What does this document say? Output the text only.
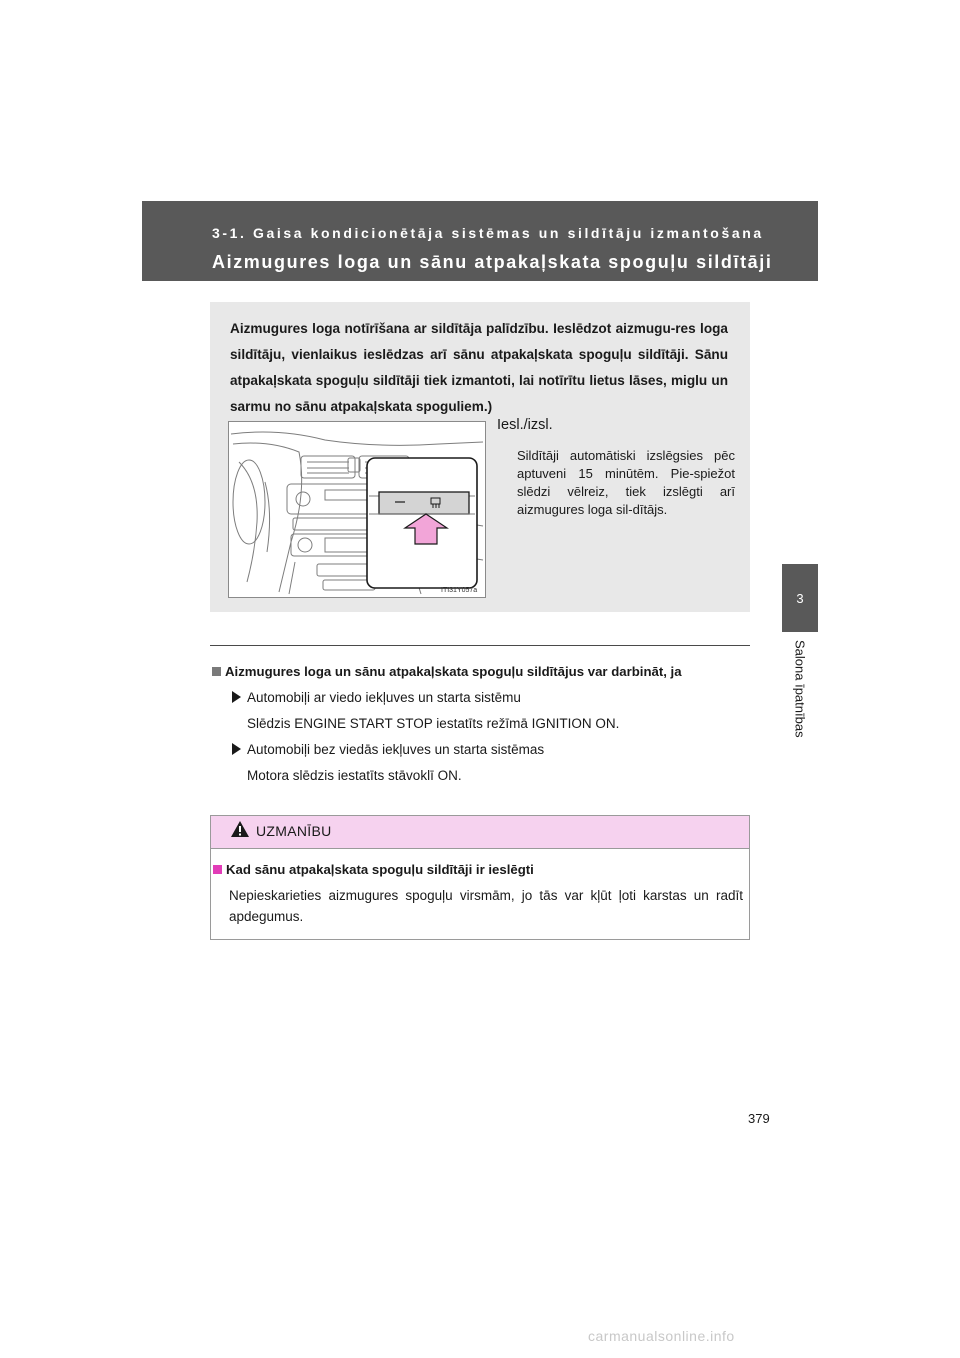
3-1. Gaisa kondicionētāja sistēmas un sildītāju izmantošana
Aizmugures loga un sānu atpakaļskata spoguļu sildītāji
3
Salona īpatnības

Aizmugures loga notīrīšana ar sildītāja palīdzību. Ieslēdzot aizmugu-res loga sildītāju, vienlaikus ieslēdzas arī sānu atpakaļskata spoguļu sildītāji. Sānu atpakaļskata spoguļu sildītāji tiek izmantoti, lai notīrītu lietus lāses, miglu un sarmu no sānu atpakaļskata spoguliem.)

ITI31Y057a
Iesl./izsl.

Sildītāji automātiski izslēgsies pēc aptuveni 15 minūtēm. Pie-spiežot slēdzi vēlreiz, tiek izslēgti arī aizmugures loga sil-dītājs.

Aizmugures loga un sānu atpakaļskata spoguļu sildītājus var darbināt, ja
Automobiļi ar viedo iekļuves un starta sistēmu
Slēdzis ENGINE START STOP iestatīts režīmā IGNITION ON.
Automobiļi bez viedās iekļuves un starta sistēmas
Motora slēdzis iestatīts stāvoklī ON.
UZMANĪBU
Kad sānu atpakaļskata spoguļu sildītāji ir ieslēgti

Nepieskarieties aizmugures spoguļu virsmām, jo tās var kļūt ļoti karstas un radīt apdegumus.

379
carmanualsonline.info
